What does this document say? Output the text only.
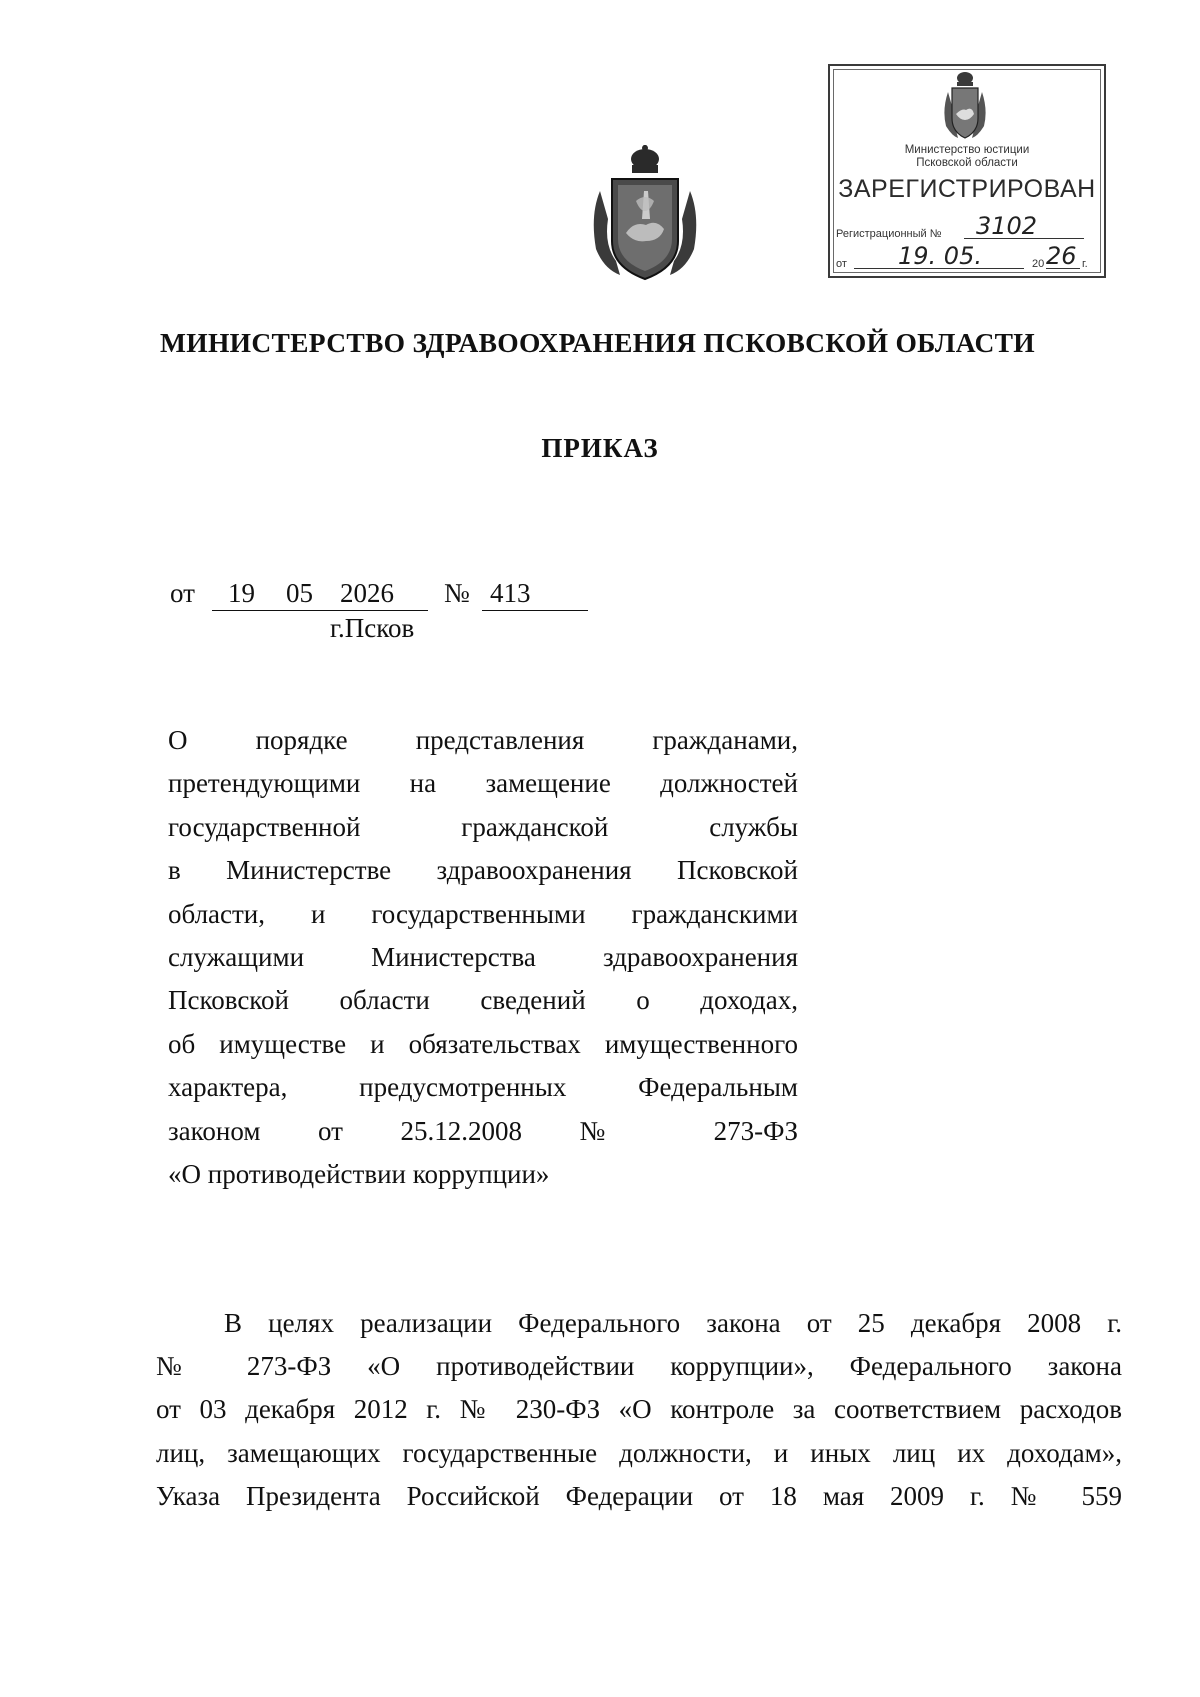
Министерство юстиции
Псковской области
ЗАРЕГИСТРИРОВАН
Регистрационный № 3102
от 19. 05.	20 26 г.
МИНИСТЕРСТВО ЗДРАВООХРАНЕНИЯ ПСКОВСКОЙ ОБЛАСТИ
ПРИКАЗ
от 19 05 2026 № 413
г.Псков
О порядке представления гражданами,
претендующими на замещение должностей
государственной гражданской службы
в Министерстве здравоохранения Псковской
области, и государственными гражданскими
служащими Министерства здравоохранения
Псковской области сведений о доходах,
об имуществе и обязательствах имущественного
характера, предусмотренных Федеральным
законом от 25.12.2008 № 273-ФЗ
«О противодействии коррупции»
В целях реализации Федерального закона от 25 декабря 2008 г.
№ 273-ФЗ «О противодействии коррупции», Федерального закона
от 03 декабря 2012 г. № 230-ФЗ «О контроле за соответствием расходов
лиц, замещающих государственные должности, и иных лиц их доходам»,
Указа Президента Российской Федерации от 18 мая 2009 г. № 559
